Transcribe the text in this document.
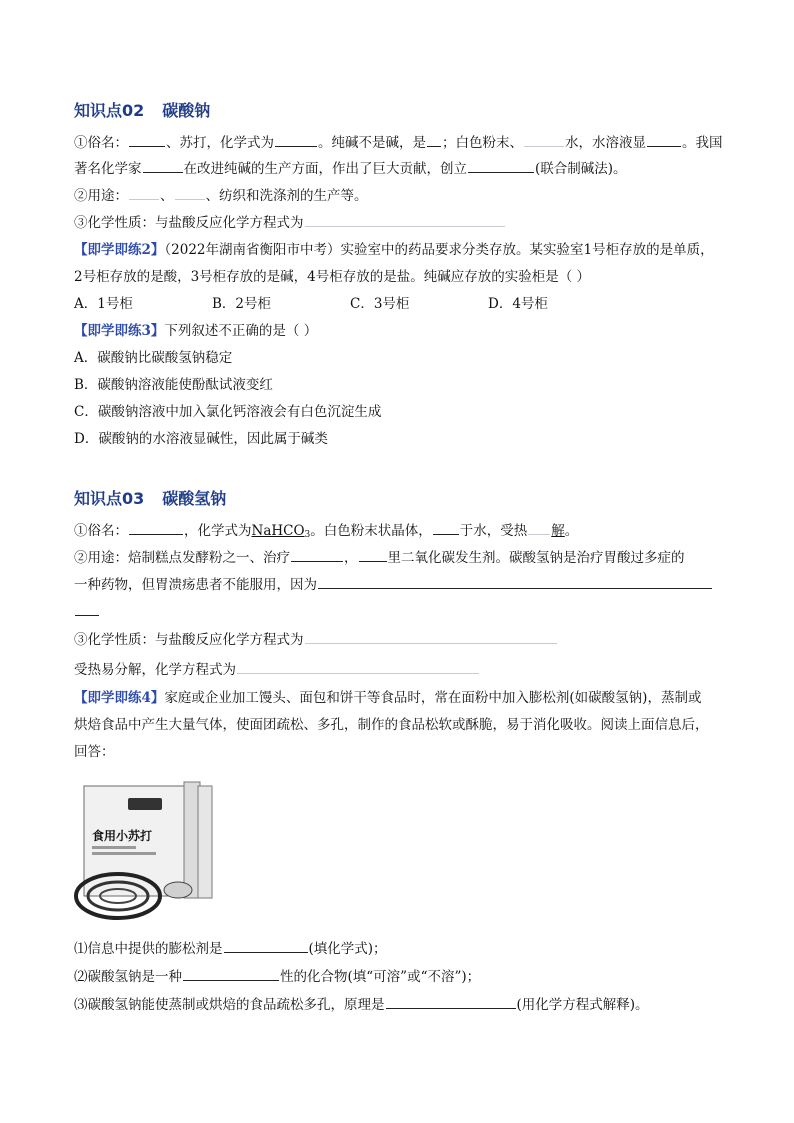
知识点02 碳酸钠
①俗名：	、苏打，化学式为	。纯碱不是碱，是 ；白色粉末、	水，水溶液显	。我国
著名化学家	在改进纯碱的生产方面，作出了巨大贡献，创立	(联合制碱法)。
②用途： 、 、纺织和洗涤剂的生产等。
③化学性质：与盐酸反应化学方程式为
【即学即练2】（2022年湖南省衡阳市中考）实验室中的药品要求分类存放。某实验室1号柜存放的是单质，
2号柜存放的是酸，3号柜存放的是碱，4号柜存放的是盐。纯碱应存放的实验柜是（ ）
A．1号柜	B．2号柜	C．3号柜	D．4号柜
【即学即练3】下列叙述不正确的是（ ）
A．碳酸钠比碳酸氢钠稳定
B．碳酸钠溶液能使酚酞试液变红
C．碳酸钠溶液中加入氯化钙溶液会有白色沉淀生成
D．碳酸钠的水溶液显碱性，因此属于碱类
知识点03 碳酸氢钠
①俗名：	，化学式为NaHCO$_3$。白色粉末状晶体， 于水，受热 解。
②用途：焙制糕点发酵粉之一、治疗	， 里二氧化碳发生剂。碳酸氢钠是治疗胃酸过多症的
一种药物，但胃溃疡患者不能服用，因为
③化学性质：与盐酸反应化学方程式为
受热易分解，化学方程式为
【即学即练4】家庭或企业加工馒头、面包和饼干等食品时，常在面粉中加入膨松剂(如碳酸氢钠)，蒸制或
烘焙食品中产生大量气体，使面团疏松、多孔，制作的食品松软或酥脆，易于消化吸收。阅读上面信息后，
回答：
食用小苏打
⑴信息中提供的膨松剂是	(填化学式)；
⑵碳酸氢钠是一种	性的化合物(填“可溶”或“不溶”)；
⑶碳酸氢钠能使蒸制或烘焙的食品疏松多孔，原理是	(用化学方程式解释)。
